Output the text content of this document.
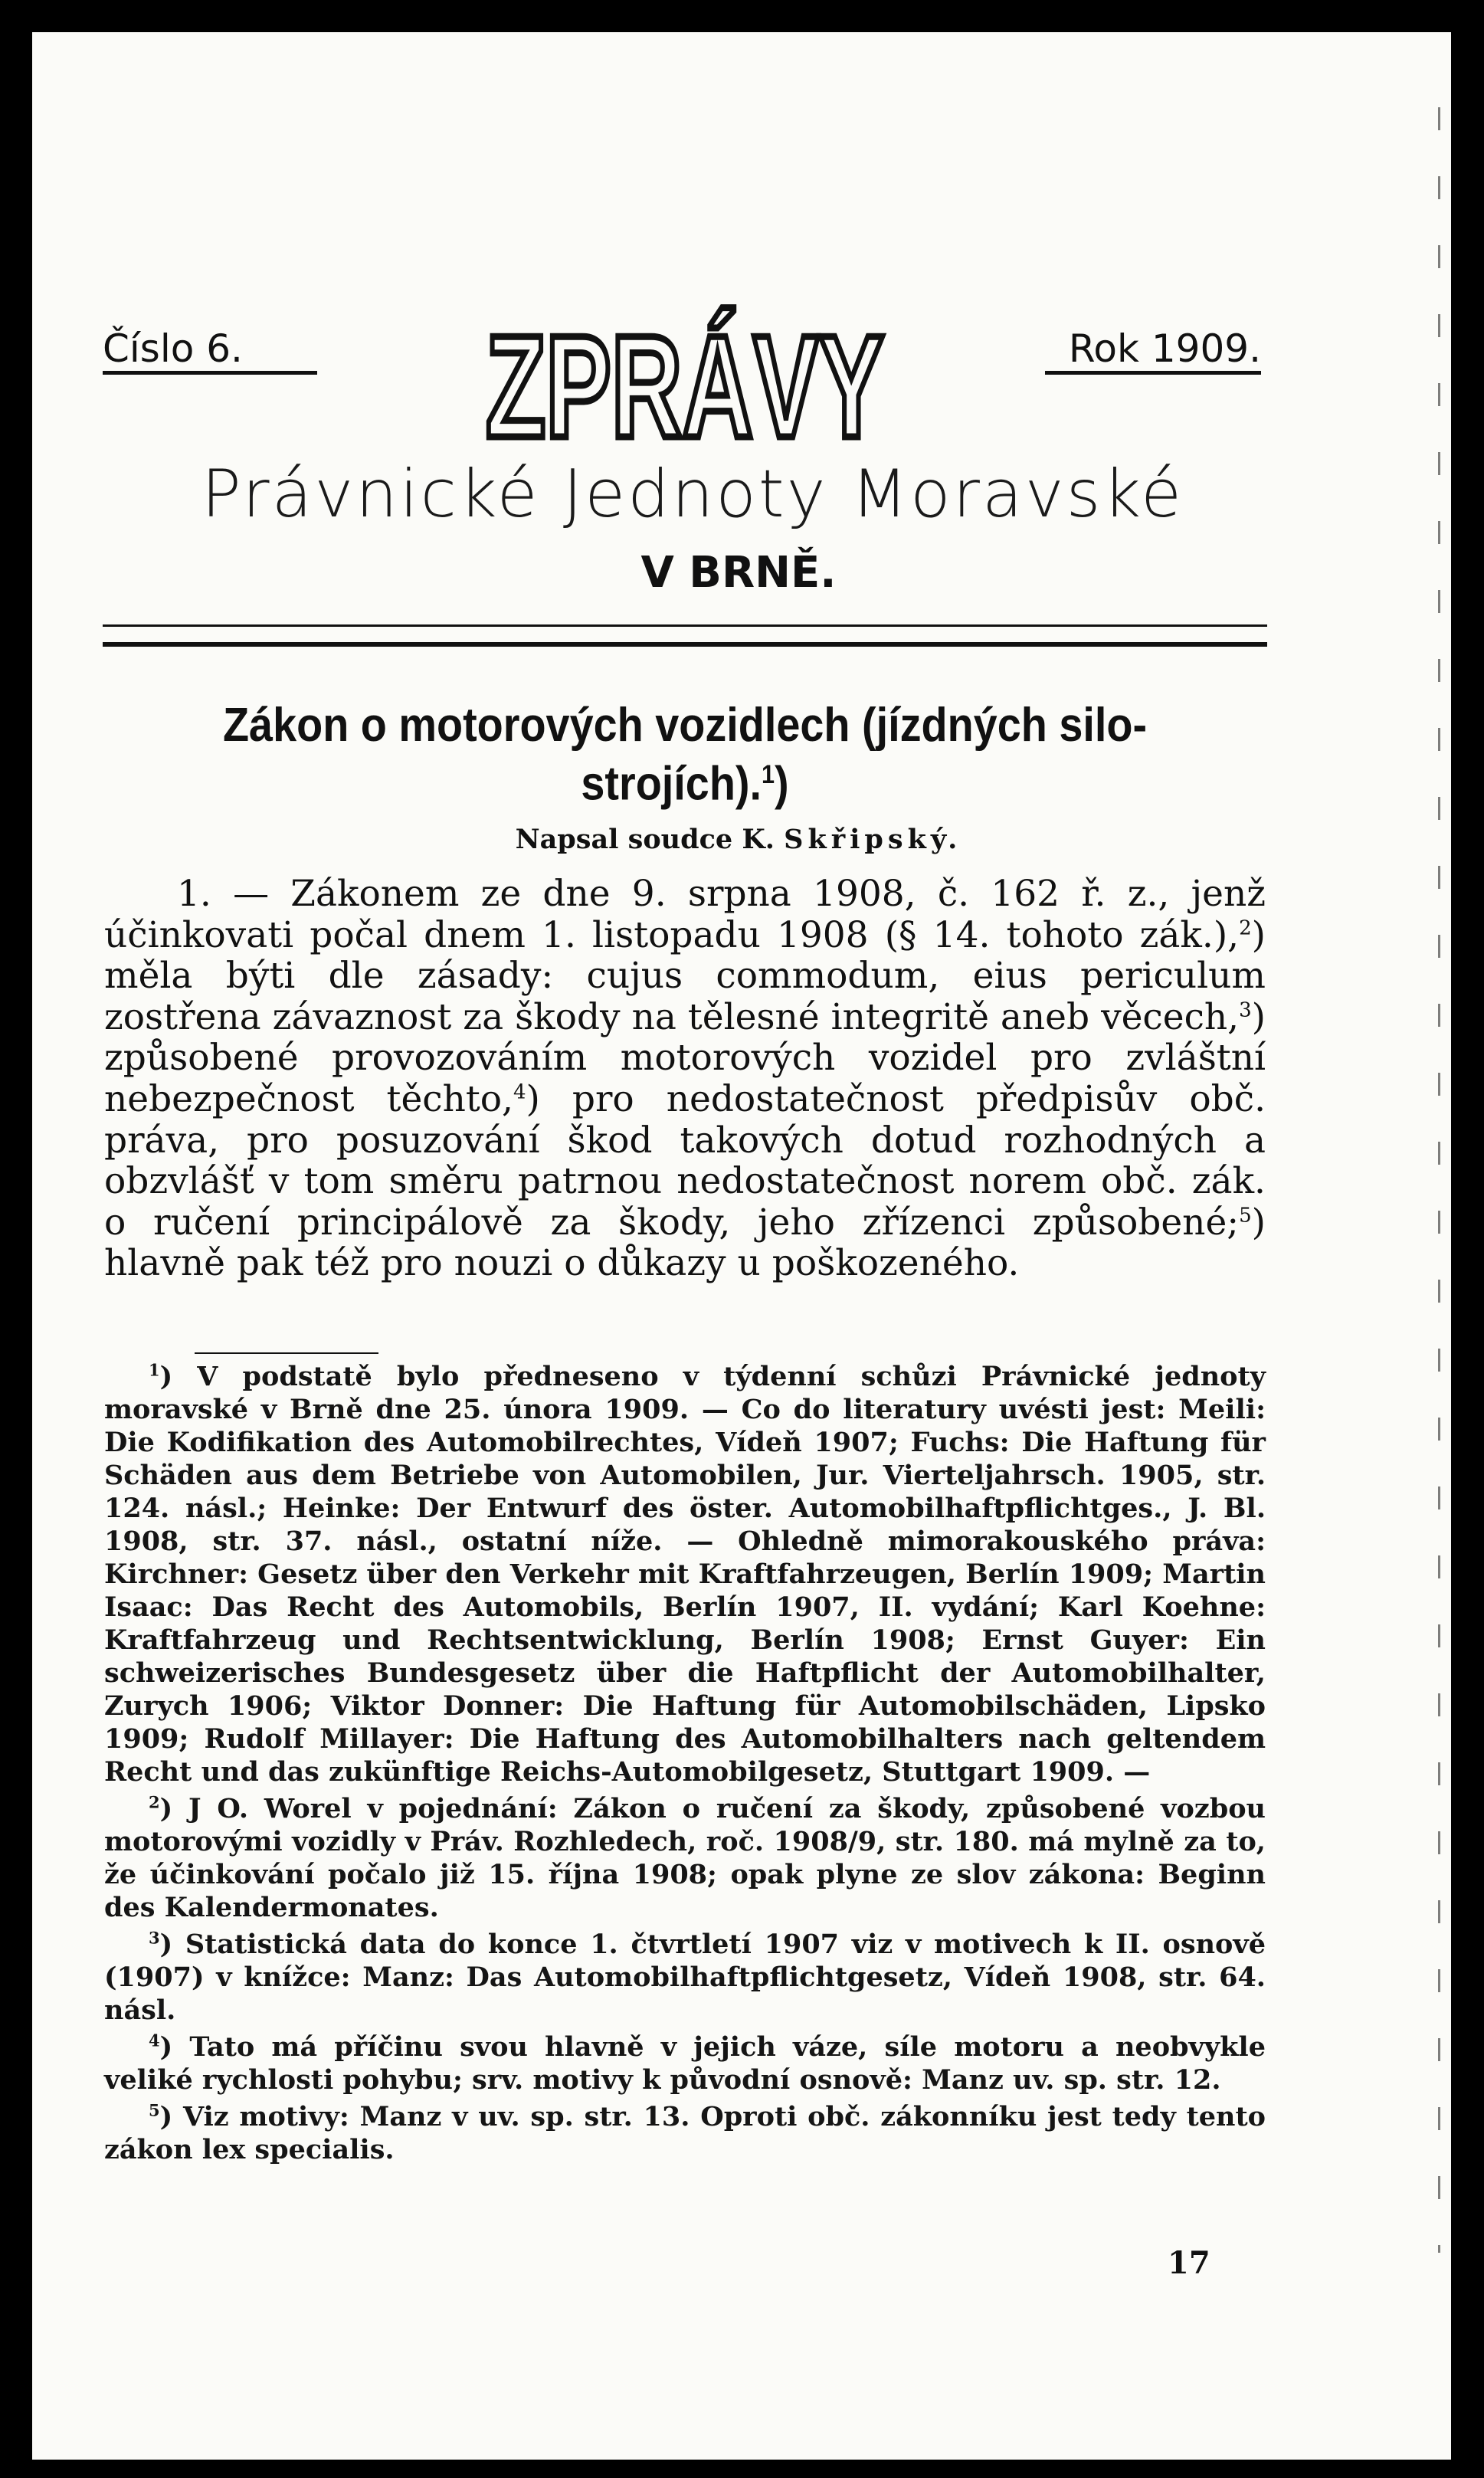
Číslo 6.	ZPRÁVY	Rok 1909.
Právnické Jednoty Moravské
V BRNĚ.
Zákon o motorových vozidlech (jízdných silo-
strojích).$^1$)
Napsal soudce K. Skřipský.

1. — Zákonem ze dne 9. srpna 1908, č. 162 ř. z., jenž účinkovati počal dnem 1. listopadu 1908 (§ 14. tohoto zák.),$^2$) měla býti dle zásady: cujus commodum, eius periculum zostřena závaznost za škody na tělesné integritě aneb věcech,$^3$) způsobené provozováním motorových vozidel pro zvláštní nebezpečnost těchto,$^4$) pro nedostatečnost předpisův obč. práva, pro posuzování škod takových dotud rozhodných a obzvlášť v tom směru patrnou nedostatečnost norem obč. zák. o ručení principálově za škody, jeho zřízenci způsobené;$^5$) hlavně pak též pro nouzi o důkazy u poškozeného.

$^1$) V podstatě bylo předneseno v týdenní schůzi Právnické jednoty moravské v Brně dne 25. února 1909. — Co do literatury uvésti jest: Meili: Die Kodifikation des Automobilrechtes, Vídeň 1907; Fuchs: Die Haftung für Schäden aus dem Betriebe von Automobilen, Jur. Vierteljahrsch. 1905, str. 124. násl.; Heinke: Der Entwurf des öster. Automobilhaftpflichtges., J. Bl. 1908, str. 37. násl., ostatní níže. — Ohledně mimorakouského práva: Kirchner: Gesetz über den Verkehr mit Kraftfahrzeugen, Berlín 1909; Martin Isaac: Das Recht des Automobils, Berlín 1907, II. vydání; Karl Koehne: Kraftfahrzeug und Rechtsentwicklung, Berlín 1908; Ernst Guyer: Ein schweizerisches Bundesgesetz über die Haftpflicht der Automobilhalter, Zurych 1906; Viktor Donner: Die Haftung für Automobilschäden, Lipsko 1909; Rudolf Millayer: Die Haftung des Automobilhalters nach geltendem Recht und das zukünftige Reichs-Automobilgesetz, Stuttgart 1909. —

$^2$) J O. Worel v pojednání: Zákon o ručení za škody, způsobené vozbou motorovými vozidly v Práv. Rozhledech, roč. 1908/9, str. 180. má mylně za to, že účinkování počalo již 15. října 1908; opak plyne ze slov zákona: Beginn des Kalendermonates.

$^3$) Statistická data do konce 1. čtvrtletí 1907 viz v motivech k II. osnově (1907) v knížce: Manz: Das Automobilhaftpflichtgesetz, Vídeň 1908, str. 64. násl.

$^4$) Tato má příčinu svou hlavně v jejich váze, síle motoru a neobvykle veliké rychlosti pohybu; srv. motivy k původní osnově: Manz uv. sp. str. 12.

$^5$) Viz motivy: Manz v uv. sp. str. 13. Oproti obč. zákonníku jest tedy tento zákon lex specialis.

17
